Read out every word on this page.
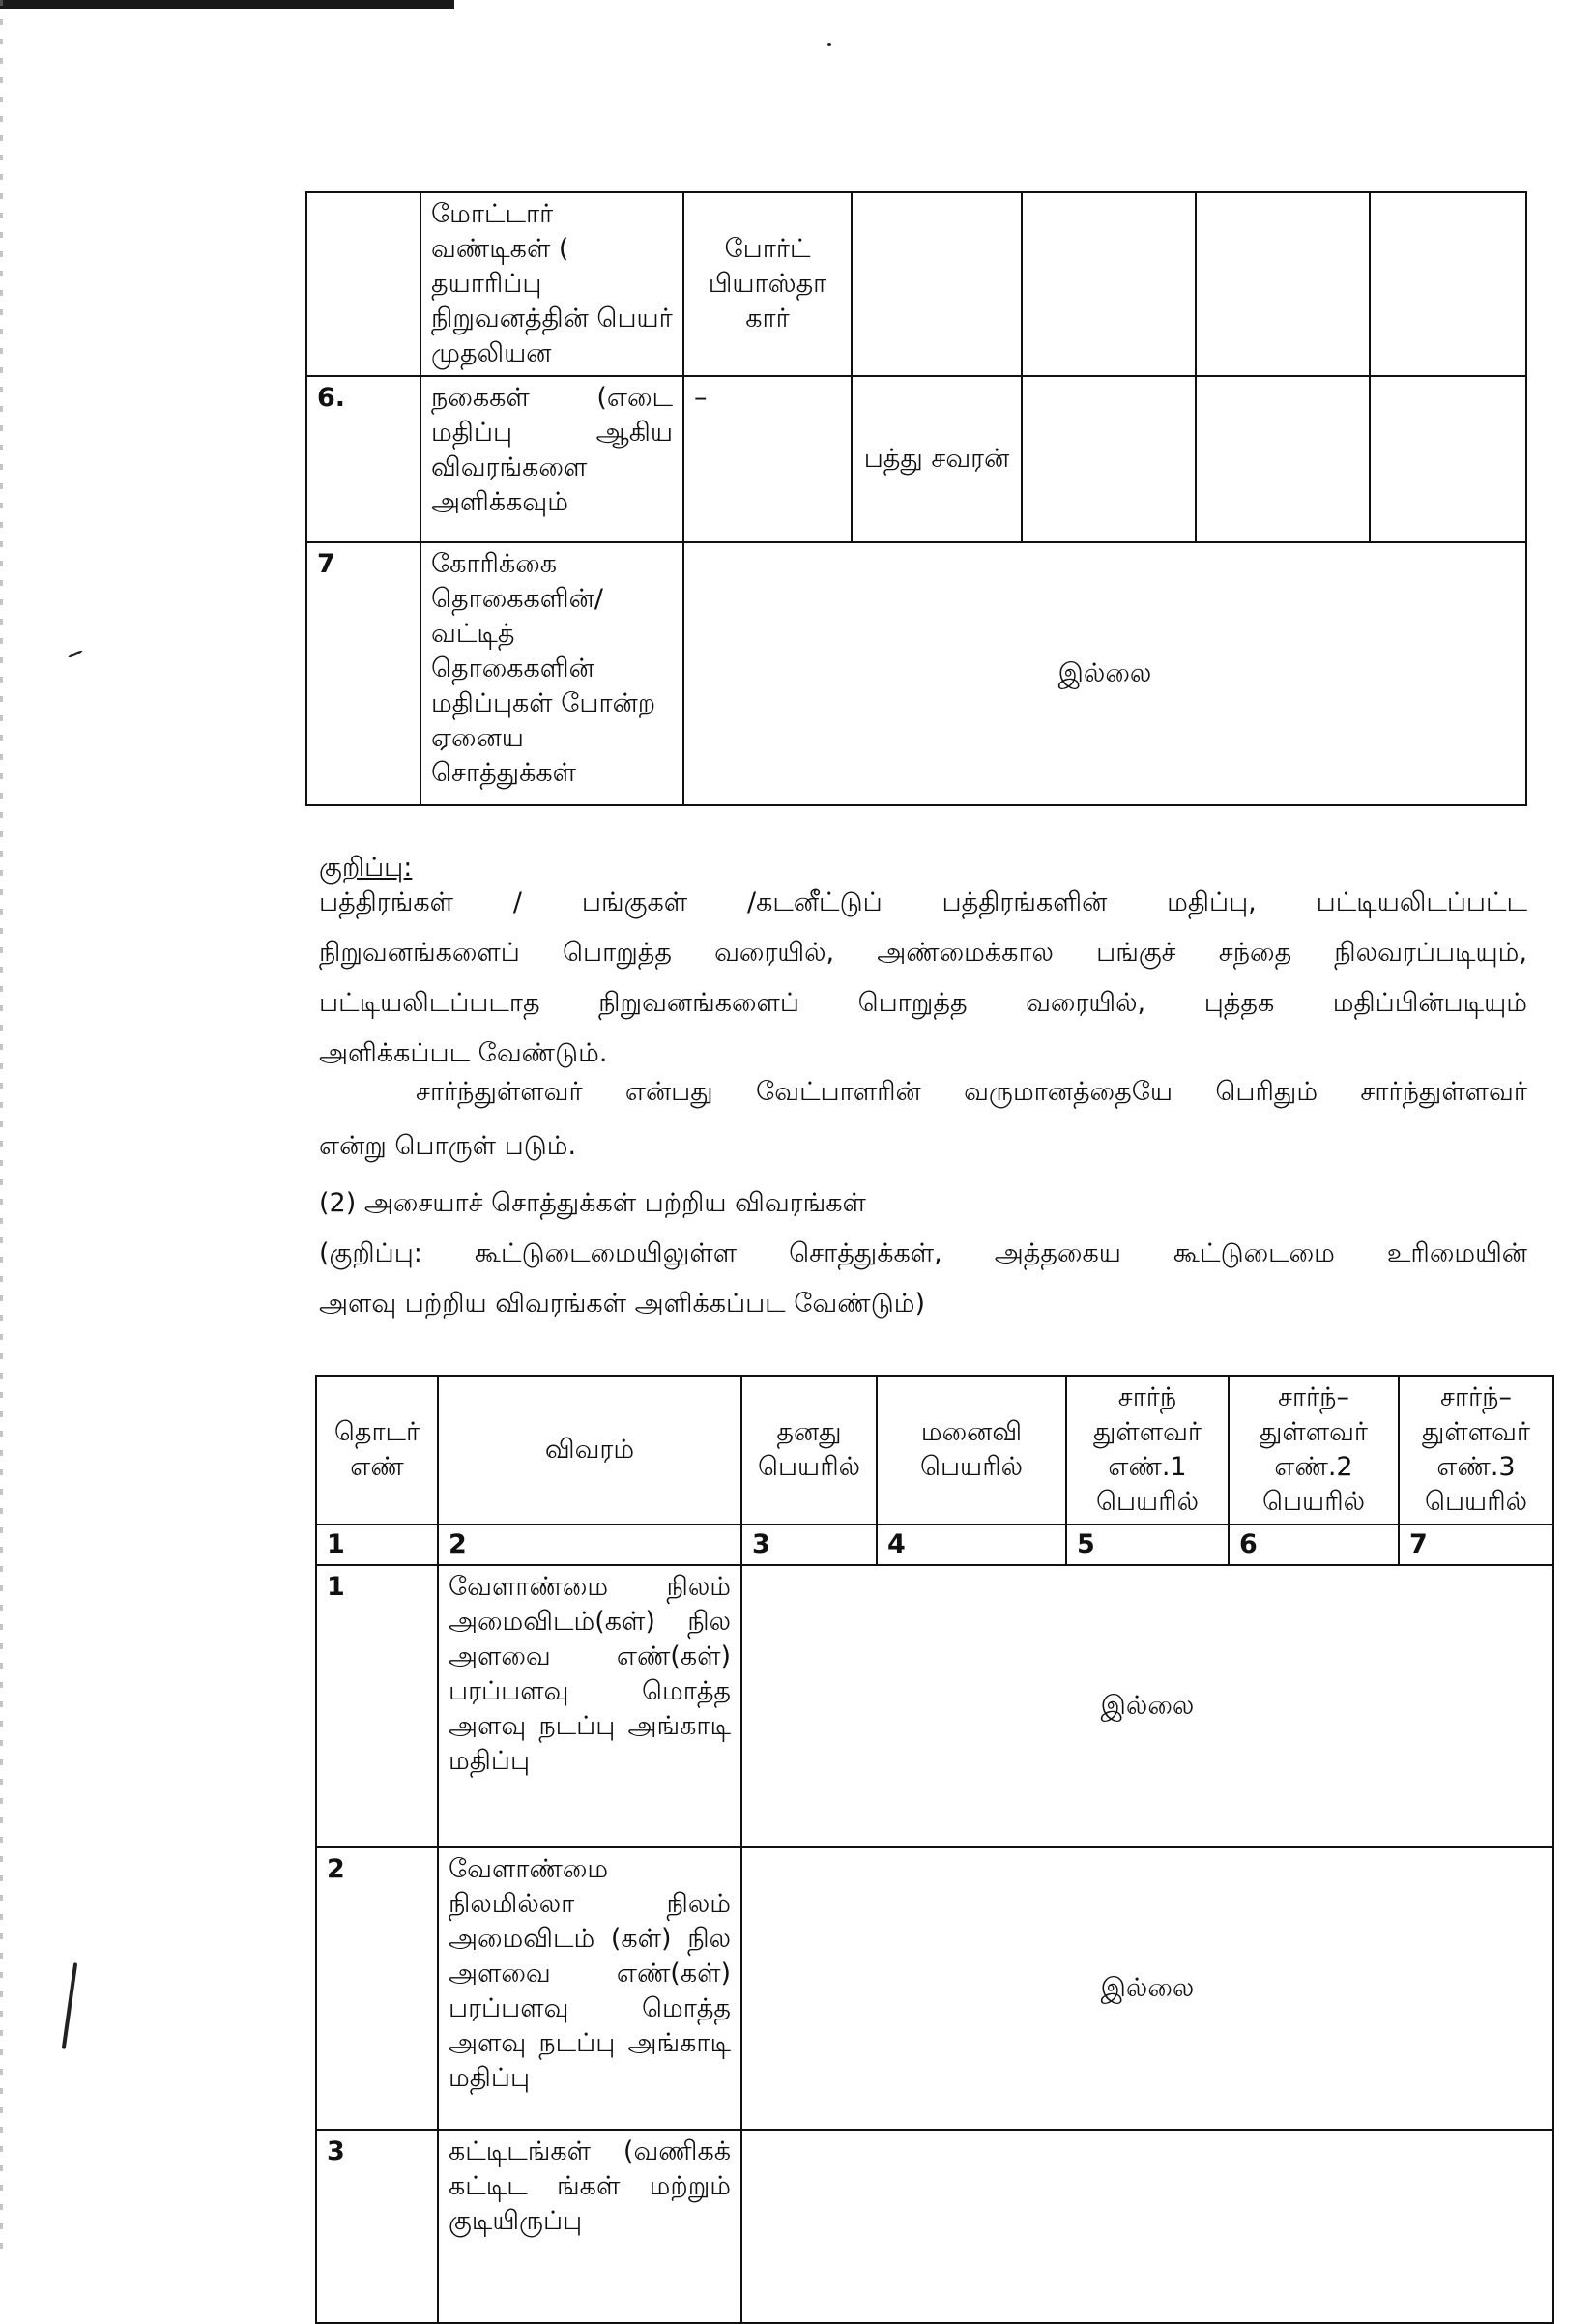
	மோட்டார் வண்டிகள் ( தயாரிப்பு நிறுவனத்தின் பெயர் முதலியன	போர்ட் பியாஸ்தா கார்				
6.	நகைகள் (எடை மதிப்பு ஆகிய விவரங்களை அளிக்கவும்	–	பத்து சவரன்			
7	கோரிக்கை தொகைகளின்/ வட்டித் தொகைகளின் மதிப்புகள் போன்ற ஏனைய சொத்துக்கள்	இல்லை				
குறிப்பு:
பத்திரங்கள் / பங்குகள் /கடனீட்டுப் பத்திரங்களின் மதிப்பு, பட்டியலிடப்பட்ட
நிறுவனங்களைப் பொறுத்த வரையில், அண்மைக்கால பங்குச் சந்தை நிலவரப்படியும்,
பட்டியலிடப்படாத நிறுவனங்களைப் பொறுத்த வரையில், புத்தக மதிப்பின்படியும்
அளிக்கப்பட வேண்டும்.
சார்ந்துள்ளவர் என்பது வேட்பாளரின் வருமானத்தையே பெரிதும் சார்ந்துள்ளவர்
என்று பொருள் படும்.
(2) அசையாச் சொத்துக்கள் பற்றிய விவரங்கள்
(குறிப்பு: கூட்டுடைமையிலுள்ள சொத்துக்கள், அத்தகைய கூட்டுடைமை உரிமையின்
அளவு பற்றிய விவரங்கள் அளிக்கப்பட வேண்டும்)
தொடர் எண்	விவரம்	தனது பெயரில்	மனைவி பெயரில்	சார்ந் துள்ளவர் எண்.1 பெயரில்	சார்ந்– துள்ளவர் எண்.2 பெயரில்	சார்ந்– துள்ளவர் எண்.3 பெயரில்
1	2	3	4	5	6	7
1	வேளாண்மை நிலம் அமைவிடம்(கள்) நில அளவை எண்(கள்) பரப்பளவு மொத்த அளவு நடப்பு அங்காடி மதிப்பு	இல்லை				
2	வேளாண்மை நிலமில்லா நிலம் அமைவிடம் (கள்) நில அளவை எண்(கள்) பரப்பளவு மொத்த அளவு நடப்பு அங்காடி மதிப்பு	இல்லை				
3	கட்டிடங்கள் (வணிகக் கட்டிட ங்கள் மற்றும் குடியிருப்பு					
